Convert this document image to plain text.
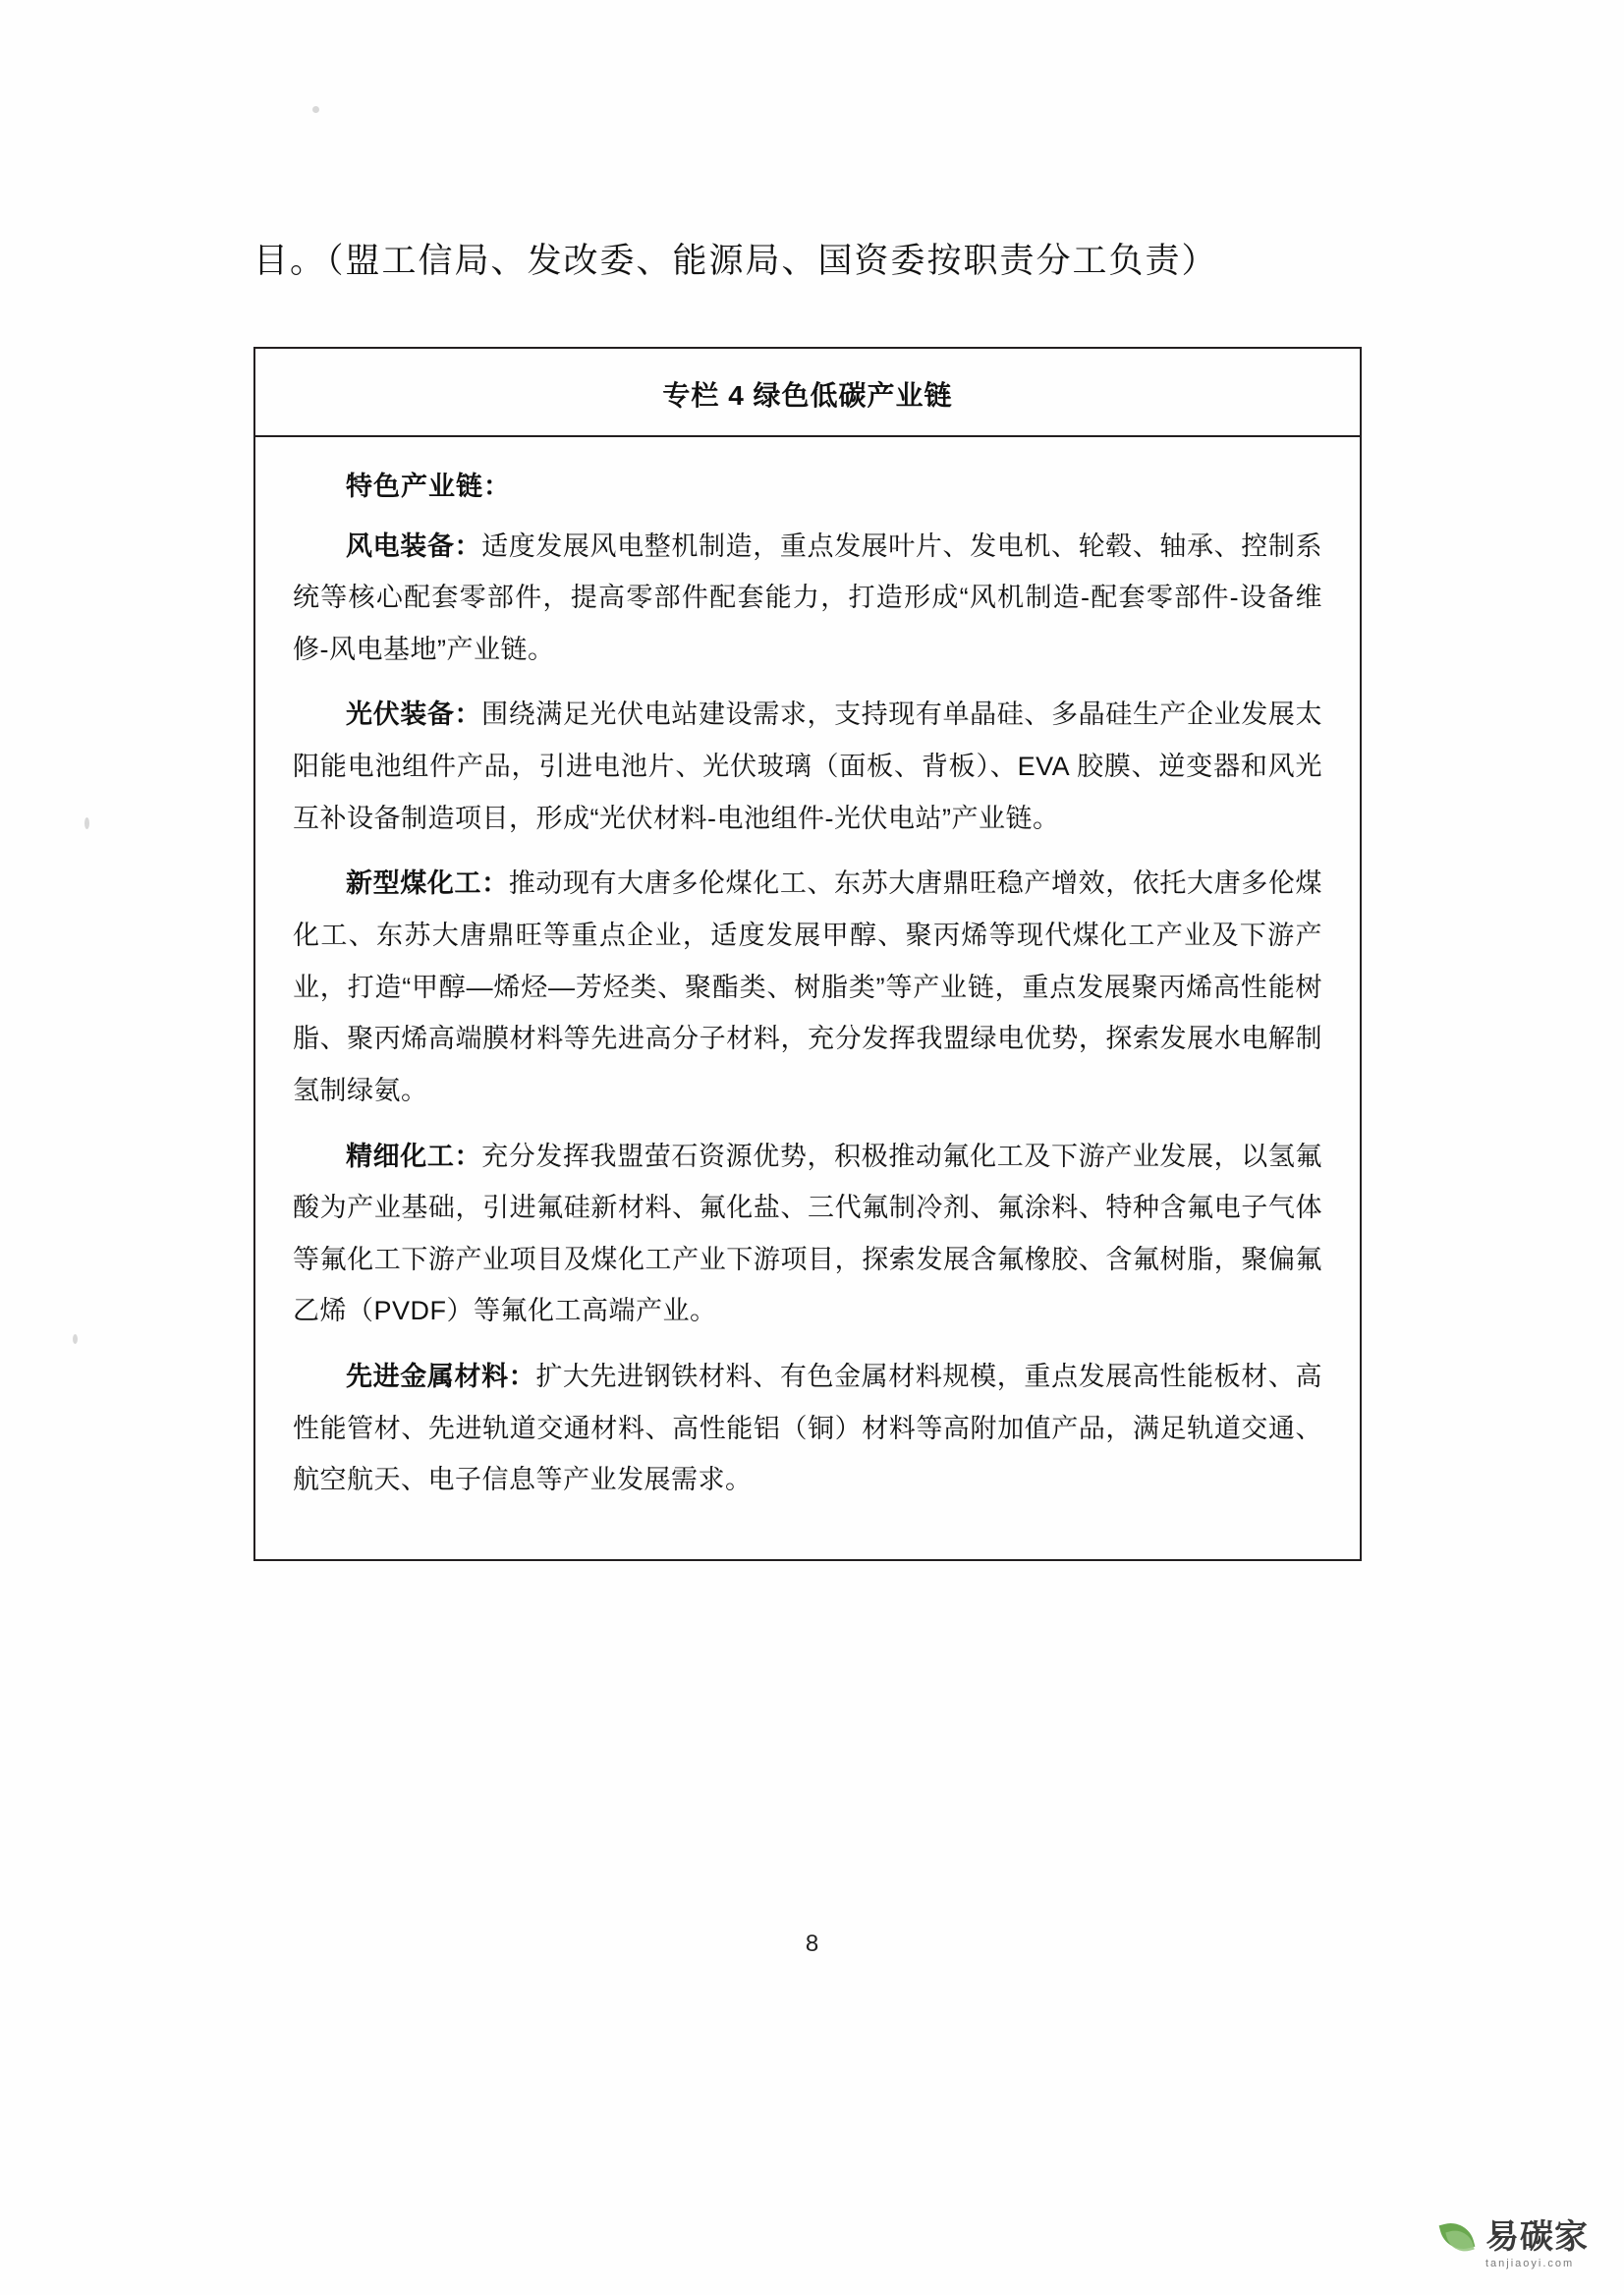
目。（盟工信局、发改委、能源局、国资委按职责分工负责）

专栏 4 绿色低碳产业链
特色产业链：

风电装备：适度发展风电整机制造，重点发展叶片、发电机、轮毂、轴承、控制系统等核心配套零部件，提高零部件配套能力，打造形成“风机制造-配套零部件-设备维修-风电基地”产业链。

光伏装备：围绕满足光伏电站建设需求，支持现有单晶硅、多晶硅生产企业发展太阳能电池组件产品，引进电池片、光伏玻璃（面板、背板）、EVA 胶膜、逆变器和风光互补设备制造项目，形成“光伏材料-电池组件-光伏电站”产业链。

新型煤化工：推动现有大唐多伦煤化工、东苏大唐鼎旺稳产增效，依托大唐多伦煤化工、东苏大唐鼎旺等重点企业，适度发展甲醇、聚丙烯等现代煤化工产业及下游产业，打造“甲醇—烯烃—芳烃类、聚酯类、树脂类”等产业链，重点发展聚丙烯高性能树脂、聚丙烯高端膜材料等先进高分子材料，充分发挥我盟绿电优势，探索发展水电解制氢制绿氨。

精细化工：充分发挥我盟萤石资源优势，积极推动氟化工及下游产业发展，以氢氟酸为产业基础，引进氟硅新材料、氟化盐、三代氟制冷剂、氟涂料、特种含氟电子气体等氟化工下游产业项目及煤化工产业下游项目，探索发展含氟橡胶、含氟树脂，聚偏氟乙烯（PVDF）等氟化工高端产业。

先进金属材料：扩大先进钢铁材料、有色金属材料规模，重点发展高性能板材、高性能管材、先进轨道交通材料、高性能铝（铜）材料等高附加值产品，满足轨道交通、航空航天、电子信息等产业发展需求。

8
易碳家
tanjiaoyi.com
